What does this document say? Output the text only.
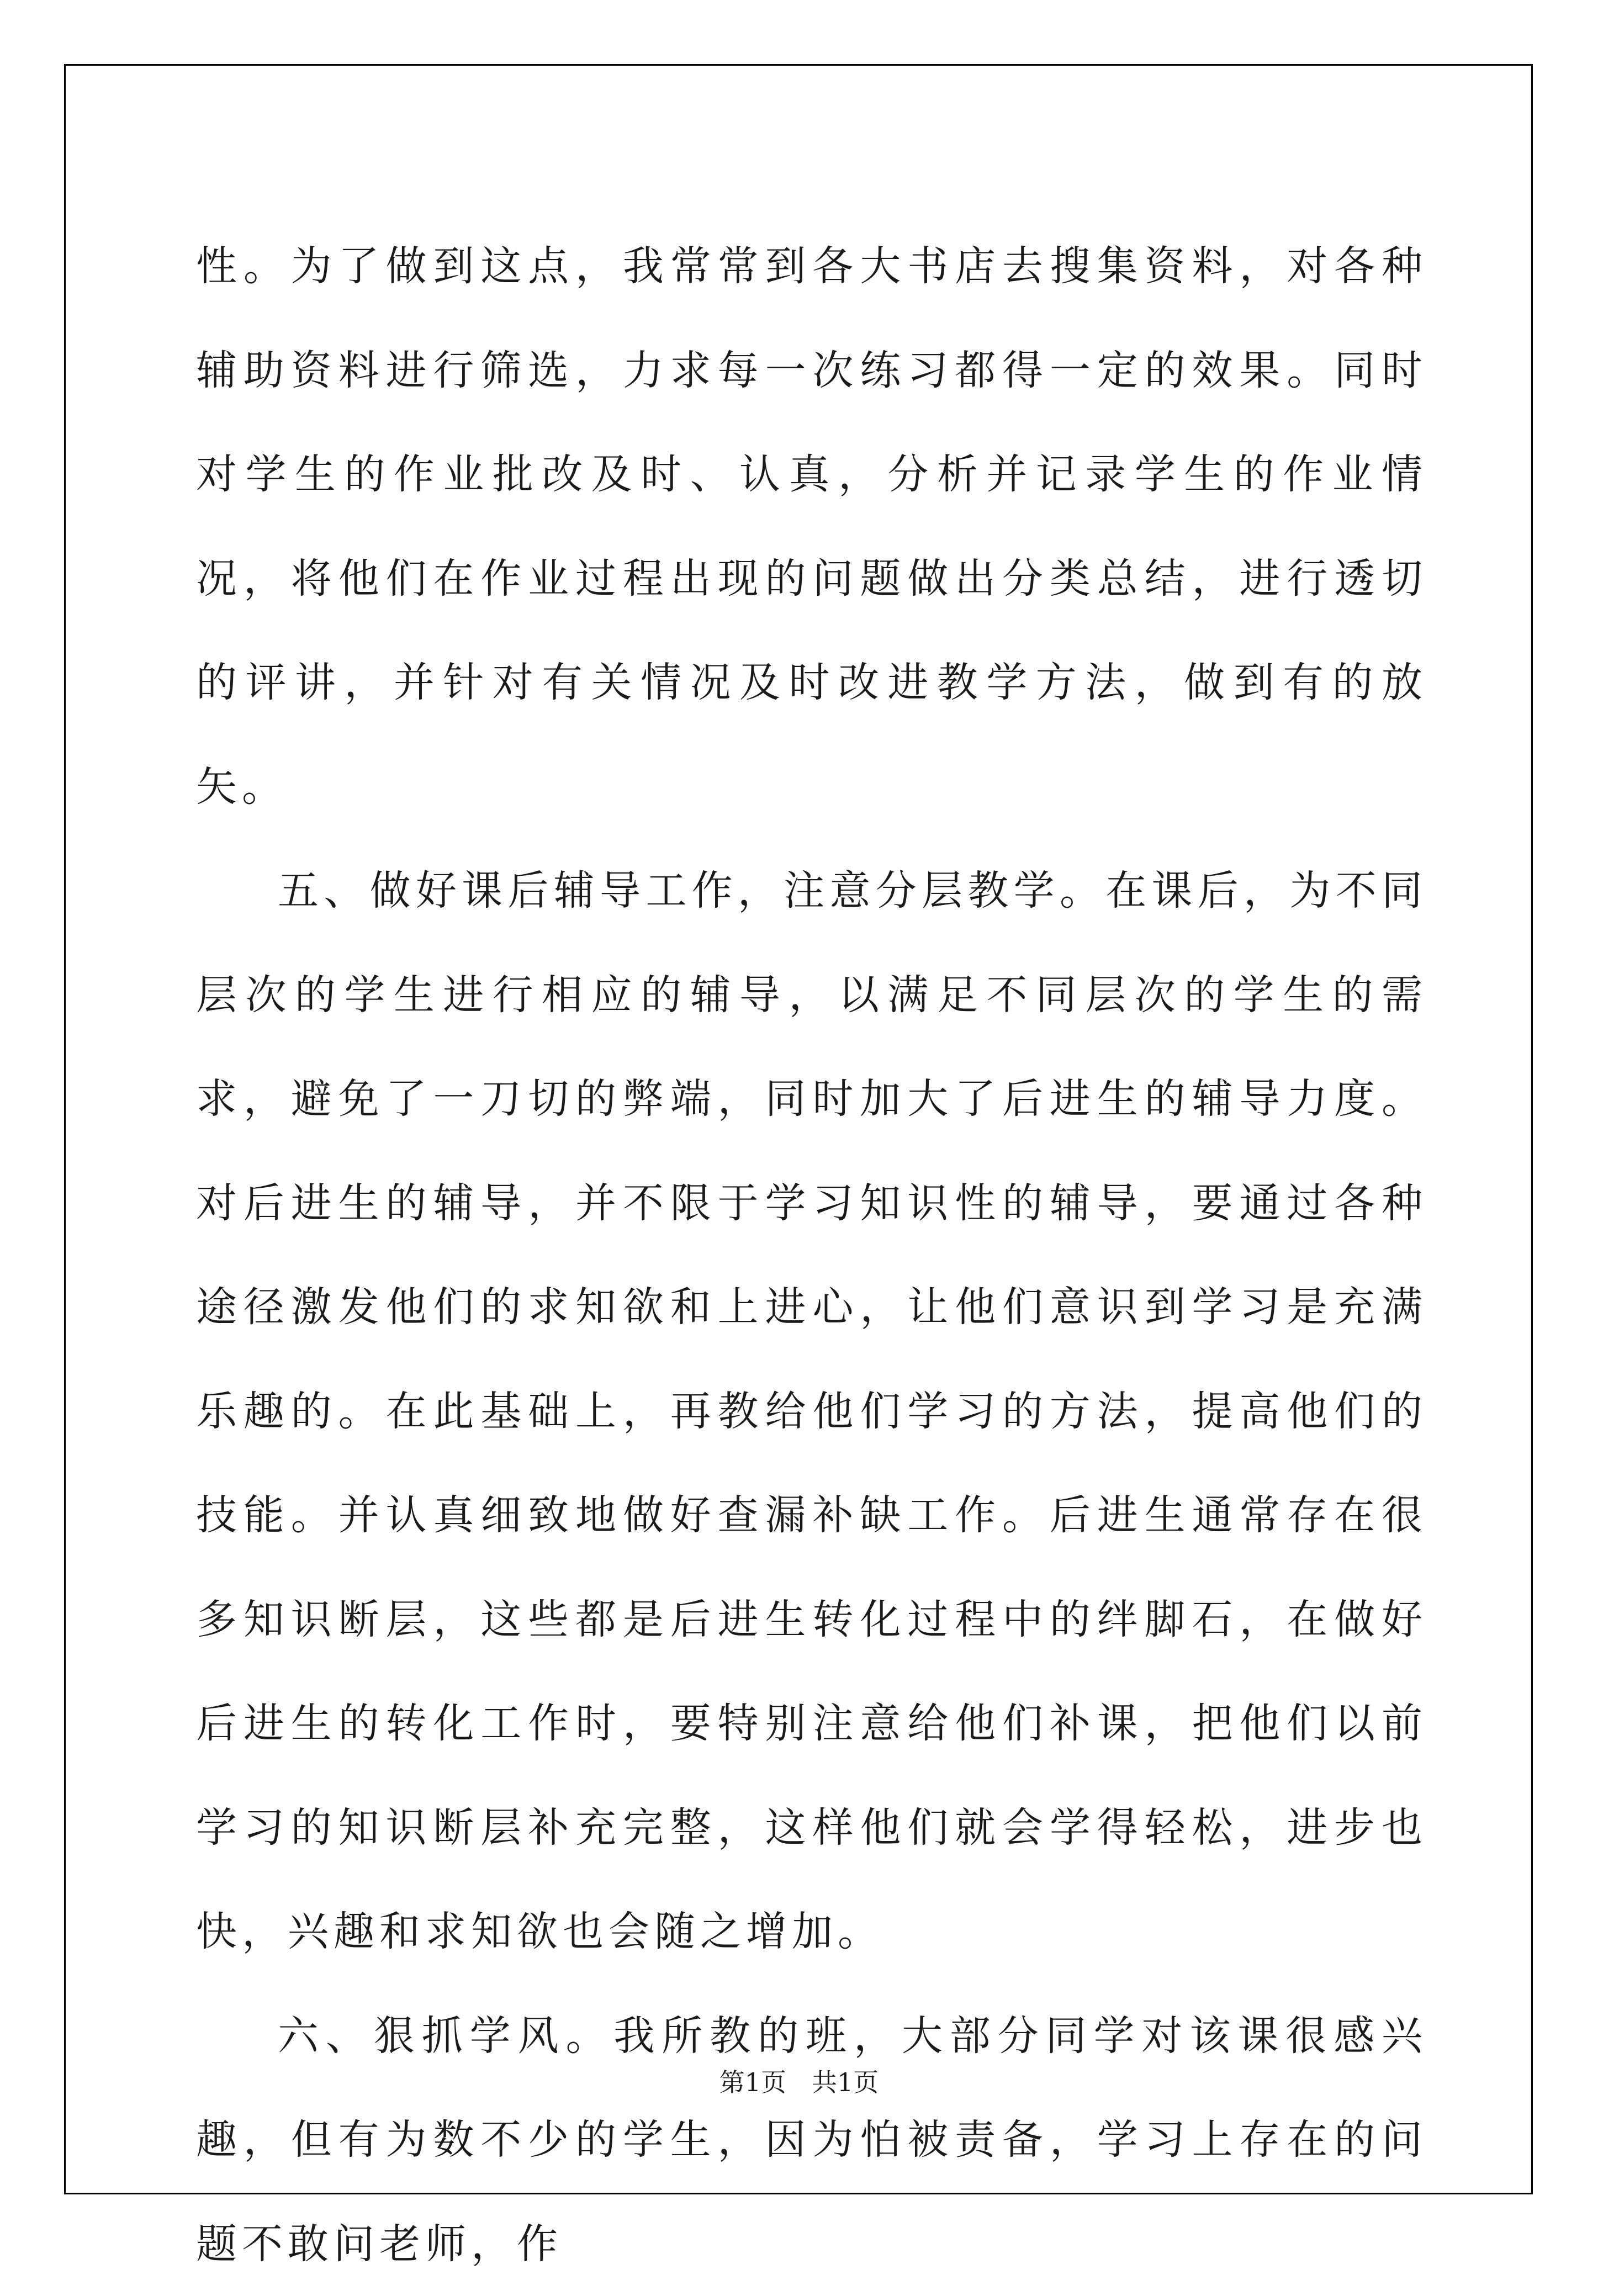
性。为了做到这点，我常常到各大书店去搜集资料，对各种辅助资料进行筛选，力求每一次练习都得一定的效果。同时对学生的作业批改及时、认真，分析并记录学生的作业情况，将他们在作业过程出现的问题做出分类总结，进行透切的评讲，并针对有关情况及时改进教学方法，做到有的放矢。

五、做好课后辅导工作，注意分层教学。在课后，为不同层次的学生进行相应的辅导，以满足不同层次的学生的需求，避免了一刀切的弊端，同时加大了后进生的辅导力度。对后进生的辅导，并不限于学习知识性的辅导，要通过各种途径激发他们的求知欲和上进心，让他们意识到学习是充满乐趣的。在此基础上，再教给他们学习的方法，提高他们的技能。并认真细致地做好查漏补缺工作。后进生通常存在很多知识断层，这些都是后进生转化过程中的绊脚石，在做好后进生的转化工作时，要特别注意给他们补课，把他们以前学习的知识断层补充完整，这样他们就会学得轻松，进步也快，兴趣和求知欲也会随之增加。

六、狠抓学风。我所教的班，大部分同学对该课很感兴趣，但有为数不少的学生，因为怕被责备，学习上存在的问题不敢问老师，作

第1页　共1页
